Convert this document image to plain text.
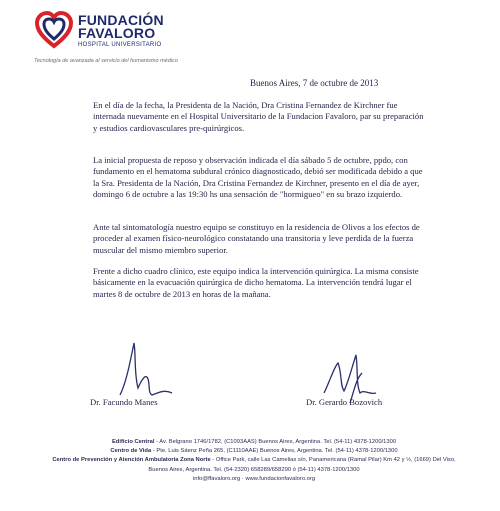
FUNDACIÓN
FAVALORO
HOSPITAL UNIVERSITARIO
Tecnología de avanzada al servicio del humanismo médico
Buenos Aires, 7 de octubre de 2013

En el día de la fecha, la Presidenta de la Nación, Dra Cristina Fernandez de Kirchner fue internada nuevamente en el Hospital Universitario de la Fundacion Favaloro, par su preparación y estudios cardiovasculares pre-quirúrgicos.

La inicial propuesta de reposo y observación indicada el día sábado 5 de octubre, ppdo, con fundamento en el hematoma subdural crónico diagnosticado, debió ser modificada debido a que la Sra. Presidenta de la Nación, Dra Cristina Fernandez de Kirchner, presento en el día de ayer, domingo 6 de octubre a las 19:30 hs una sensación de "hormigueo" en su brazo izquierdo.

Ante tal sintomatología nuestro equipo se constituyo en la residencia de Olivos a los efectos de proceder al examen físico-neurológico constatando una transitoria y leve perdida de la fuerza muscular del mismo miembro superior.

Frente a dicho cuadro clínico, este equipo indica la intervención quirúrgica. La misma consiste básicamente en la evacuación quirúrgica de dicho hematoma. La intervención tendrá lugar el martes 8 de octubre de 2013 en horas de la mañana.

Dr. Facundo Manes	Dr. Gerardo Bozovich
Edificio Central - Av. Belgrano 1746/1782, (C1093AAS) Buenos Aires, Argentina. Tel. (54-11) 4378-1200/1300
Centro de Vida - Pte. Luis Sáenz Peña 265, (C1110AAE) Buenos Aires, Argentina. Tel. (54-11) 4378-1200/1300
Centro de Prevención y Atención Ambulatoria Zona Norte - Office Park, calle Las Camelias s/n, Panamericana (Ramal Pilar) Km 42 y ½, (1669) Del Viso, Buenos Aires, Argentina. Tel. (54-2320) 658289/658290 ó (54-11) 4378-1200/1300
info@ffavaloro.org · www.fundacionfavaloro.org
